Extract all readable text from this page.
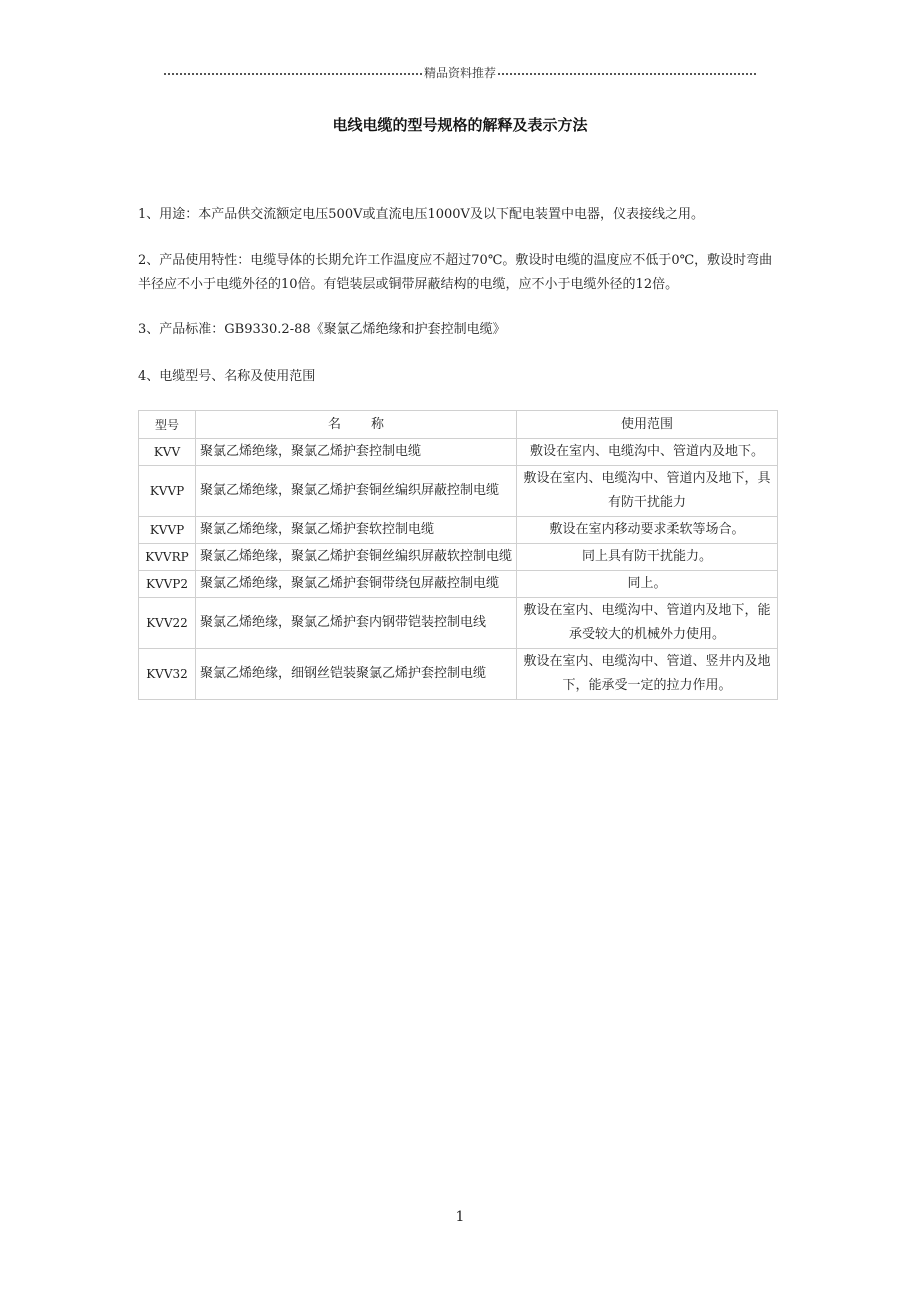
精品资料推荐
电线电缆的型号规格的解释及表示方法
1、用途：本产品供交流额定电压500V或直流电压1000V及以下配电装置中电器，仪表接线之用。
2、产品使用特性：电缆导体的长期允许工作温度应不超过70℃。敷设时电缆的温度应不低于0℃，敷设时弯曲半径应不小于电缆外径的10倍。有铠装层或铜带屏蔽结构的电缆，应不小于电缆外径的12倍。
3、产品标准：GB9330.2-88《聚氯乙烯绝缘和护套控制电缆》
4、电缆型号、名称及使用范围
型号	名 称	使用范围
KVV	聚氯乙烯绝缘，聚氯乙烯护套控制电缆	敷设在室内、电缆沟中、管道内及地下。
KVVP	聚氯乙烯绝缘，聚氯乙烯护套铜丝编织屏蔽控制电缆	敷设在室内、电缆沟中、管道内及地下，具有防干扰能力
KVVP	聚氯乙烯绝缘，聚氯乙烯护套软控制电缆	敷设在室内移动要求柔软等场合。
KVVRP	聚氯乙烯绝缘，聚氯乙烯护套铜丝编织屏蔽软控制电缆	同上具有防干扰能力。
KVVP2	聚氯乙烯绝缘，聚氯乙烯护套铜带绕包屏蔽控制电缆	同上。
KVV22	聚氯乙烯绝缘，聚氯乙烯护套内钢带铠装控制电线	敷设在室内、电缆沟中、管道内及地下，能承受较大的机械外力使用。
KVV32	聚氯乙烯绝缘，细钢丝铠装聚氯乙烯护套控制电缆	敷设在室内、电缆沟中、管道、竖井内及地下，能承受一定的拉力作用。
1
